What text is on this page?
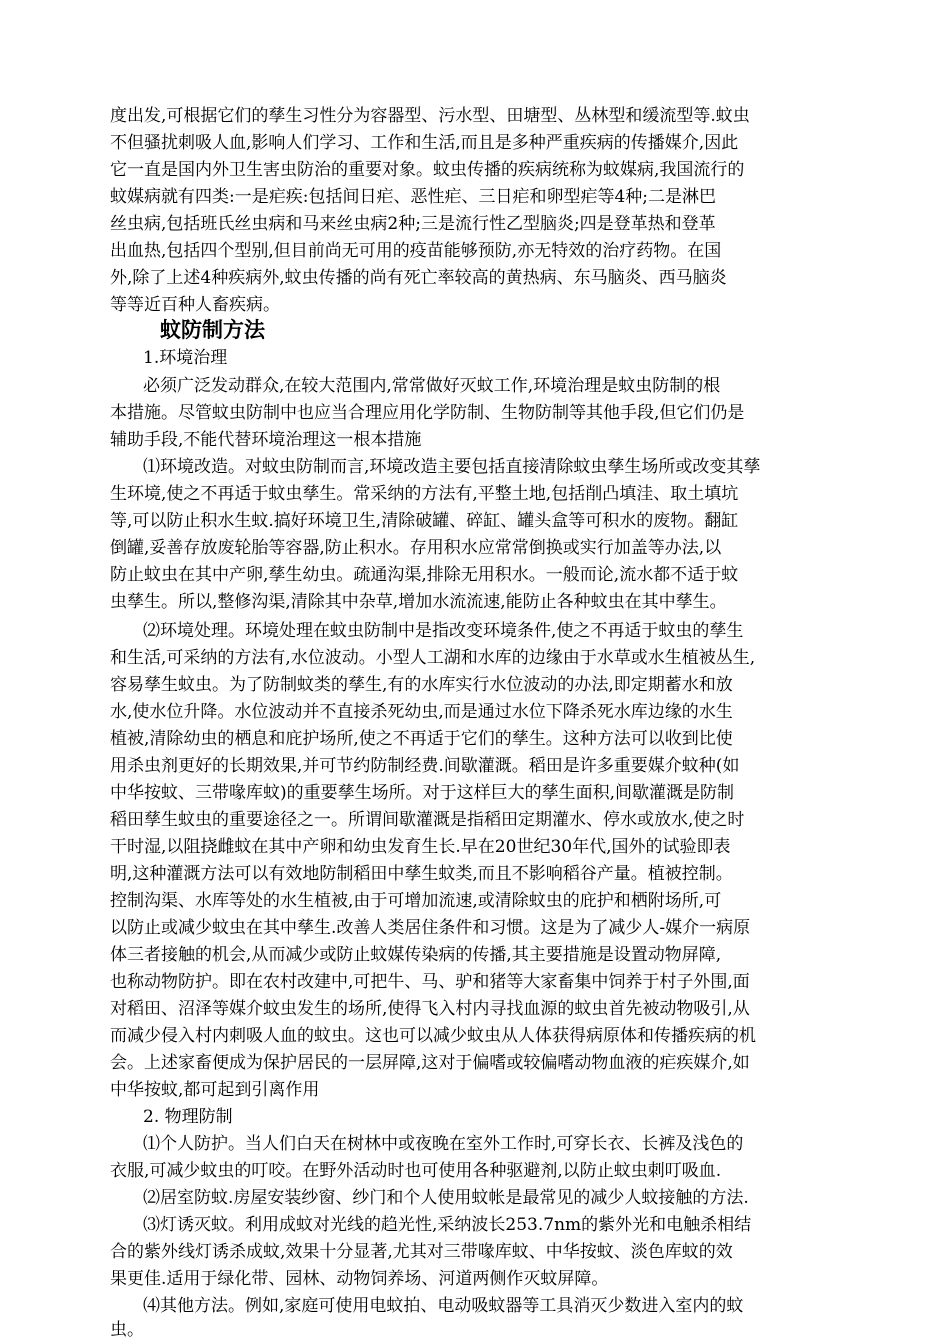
度出发,可根据它们的孳生习性分为容器型、污水型、田塘型、丛林型和缓流型等.蚊虫
不但骚扰刺吸人血,影响人们学习、工作和生活,而且是多种严重疾病的传播媒介,因此
它一直是国内外卫生害虫防治的重要对象。蚊虫传播的疾病统称为蚊媒病,我国流行的
蚊媒病就有四类:一是疟疾:包括间日疟、恶性疟、三日疟和卵型疟等4种;二是淋巴
丝虫病,包括班氏丝虫病和马来丝虫病2种;三是流行性乙型脑炎;四是登革热和登革
出血热,包括四个型别,但目前尚无可用的疫苗能够预防,亦无特效的治疗药物。在国
外,除了上述4种疾病外,蚊虫传播的尚有死亡率较高的黄热病、东马脑炎、西马脑炎
等等近百种人畜疾病。
蚊防制方法
1.环境治理
必须广泛发动群众,在较大范围内,常常做好灭蚊工作,环境治理是蚊虫防制的根
本措施。尽管蚊虫防制中也应当合理应用化学防制、生物防制等其他手段,但它们仍是
辅助手段,不能代替环境治理这一根本措施
⑴环境改造。对蚊虫防制而言,环境改造主要包括直接清除蚊虫孳生场所或改变其孳
生环境,使之不再适于蚊虫孳生。常采纳的方法有,平整土地,包括削凸填洼、取土填坑
等,可以防止积水生蚊.搞好环境卫生,清除破罐、碎缸、罐头盒等可积水的废物。翻缸
倒罐,妥善存放废轮胎等容器,防止积水。存用积水应常常倒换或实行加盖等办法,以
防止蚊虫在其中产卵,孳生幼虫。疏通沟渠,排除无用积水。一般而论,流水都不适于蚊
虫孳生。所以,整修沟渠,清除其中杂草,增加水流流速,能防止各种蚊虫在其中孳生。
⑵环境处理。环境处理在蚊虫防制中是指改变环境条件,使之不再适于蚊虫的孳生
和生活,可采纳的方法有,水位波动。小型人工湖和水库的边缘由于水草或水生植被丛生,
容易孳生蚊虫。为了防制蚊类的孳生,有的水库实行水位波动的办法,即定期蓄水和放
水,使水位升降。水位波动并不直接杀死幼虫,而是通过水位下降杀死水库边缘的水生
植被,清除幼虫的栖息和庇护场所,使之不再适于它们的孳生。这种方法可以收到比使
用杀虫剂更好的长期效果,并可节约防制经费.间歇灌溉。稻田是许多重要媒介蚊种(如
中华按蚊、三带喙库蚊)的重要孳生场所。对于这样巨大的孳生面积,间歇灌溉是防制
稻田孳生蚊虫的重要途径之一。所谓间歇灌溉是指稻田定期灌水、停水或放水,使之时
干时湿,以阻挠雌蚊在其中产卵和幼虫发育生长.早在20世纪30年代,国外的试验即表
明,这种灌溉方法可以有效地防制稻田中孳生蚊类,而且不影响稻谷产量。植被控制。
控制沟渠、水库等处的水生植被,由于可增加流速,或清除蚊虫的庇护和栖附场所,可
以防止或减少蚊虫在其中孳生.改善人类居住条件和习惯。这是为了减少人-媒介一病原
体三者接触的机会,从而减少或防止蚊媒传染病的传播,其主要措施是设置动物屏障,
也称动物防护。即在农村改建中,可把牛、马、驴和猪等大家畜集中饲养于村子外围,面
对稻田、沼泽等媒介蚊虫发生的场所,使得飞入村内寻找血源的蚊虫首先被动物吸引,从
而减少侵入村内刺吸人血的蚊虫。这也可以减少蚊虫从人体获得病原体和传播疾病的机
会。上述家畜便成为保护居民的一层屏障,这对于偏嗜或较偏嗜动物血液的疟疾媒介,如
中华按蚊,都可起到引离作用
2. 物理防制
⑴个人防护。当人们白天在树林中或夜晚在室外工作时,可穿长衣、长裤及浅色的
衣服,可减少蚊虫的叮咬。在野外活动时也可使用各种驱避剂,以防止蚊虫刺叮吸血.
⑵居室防蚊.房屋安装纱窗、纱门和个人使用蚊帐是最常见的减少人蚊接触的方法.
⑶灯诱灭蚊。利用成蚊对光线的趋光性,采纳波长253.7nm的紫外光和电触杀相结
合的紫外线灯诱杀成蚊,效果十分显著,尤其对三带喙库蚊、中华按蚊、淡色库蚊的效
果更佳.适用于绿化带、园林、动物饲养场、河道两侧作灭蚊屏障。
⑷其他方法。例如,家庭可使用电蚊拍、电动吸蚊器等工具消灭少数进入室内的蚊
虫。
